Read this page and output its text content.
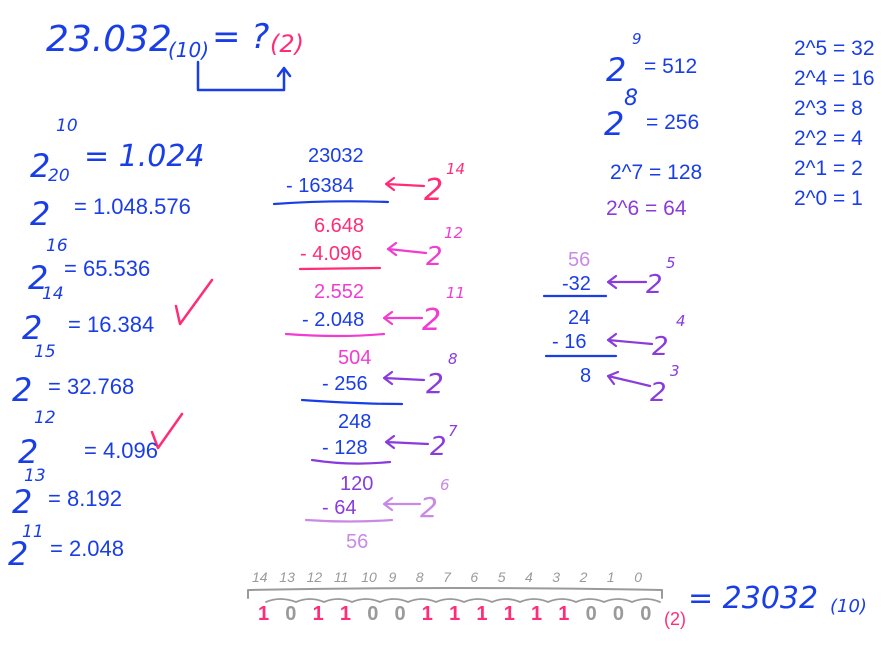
23.032
(10) = ? (2)
2
10
= 1.024
2
20
= 1.048.576
2
16
= 65.536
2
14
= 16.384
2
15
= 32.768
2
12
= 4.096
2
13
= 8.192
2
11
= 2.048
23032
- 16384
6.648
- 4.096
2.552
- 2.048
504
- 256
248
- 128
120
- 64
56
2
14
2
12
2
11
2
8
2
7
2
6
56
-32
24
- 16
8
2
5
2
4
2
3
2
9
= 512
2
8
= 256
2^7 = 128
2^6 = 64
2^5 = 32
2^4 = 16
2^3 = 8
2^2 = 4
2^1 = 2
2^0 = 1
14 13 12 11 10 9 8 7 6 5 4 3 2 1 0
1 0 1 1 0 0 1 1 1 1 1 1 0 0 0 (2)
= 23032 (10)
